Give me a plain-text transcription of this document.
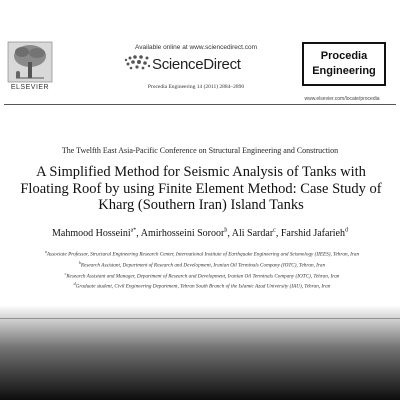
ELSEVIER
Available online at www.sciencedirect.com
ScienceDirect
Procedia Engineering 14 (2011) 2884–2890
Procedia
Engineering
www.elsevier.com/locate/procedia
The Twelfth East Asia-Pacific Conference on Structural Engineering and Construction
A Simplified Method for Seismic Analysis of Tanks with Floating Roof by using Finite Element Method: Case Study of Kharg (Southern Iran) Island Tanks
Mahmood Hosseini$^{a*}$, Amirhosseini Soroor$^b$, Ali Sardar$^c$, Farshid Jafarieh$^d$

$^a$Associate Professor, Structural Engineering Research Center, International Institute of Earthquake Engineering and Seismology (IIEES), Tehran, Iran

$^b$Research Assistant, Department of Research and Development, Iranian Oil Terminals Company (IOTC), Tehran, Iran

$^c$Research Assistant and Manager, Department of Research and Development, Iranian Oil Terminals Company (IOTC), Tehran, Iran

$^d$Graduate student, Civil Engineering Department, Tehran South Branch of the Islamic Azad University (IAU), Tehran, Iran
